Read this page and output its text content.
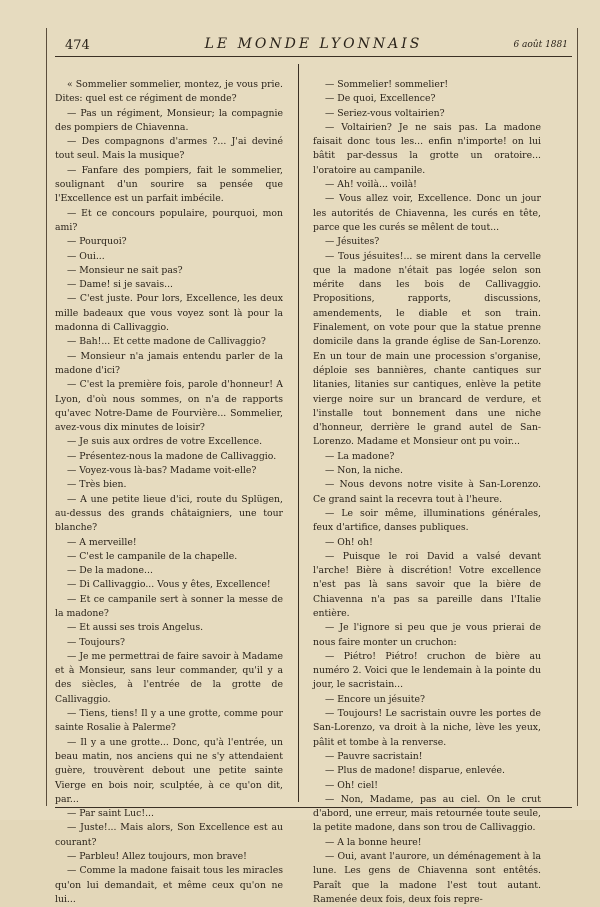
474	LE MONDE LYONNAIS	6 août 1881

« Sommelier sommelier, montez, je vous prie. Dites: quel est ce régiment de monde?

— Pas un régiment, Monsieur; la compagnie des pompiers de Chiavenna.

— Des compagnons d'armes ?... J'ai deviné tout seul. Mais la musique?

— Fanfare des pompiers, fait le sommelier, soulignant d'un sourire sa pensée que l'Excellence est un parfait imbécile.

— Et ce concours populaire, pourquoi, mon ami?

— Pourquoi?

— Oui...

— Monsieur ne sait pas?

— Dame! si je savais...

— C'est juste. Pour lors, Excellence, les deux mille badeaux que vous voyez sont là pour la madonna di Callivaggio.

— Bah!... Et cette madone de Callivaggio?

— Monsieur n'a jamais entendu parler de la madone d'ici?

— C'est la première fois, parole d'honneur! A Lyon, d'où nous sommes, on n'a de rapports qu'avec Notre-Dame de Fourvière... Sommelier, avez-vous dix minutes de loisir?

— Je suis aux ordres de votre Excellence.

— Présentez-nous la madone de Callivaggio.

— Voyez-vous là-bas? Madame voit-elle?

— Très bien.

— A une petite lieue d'ici, route du Splügen, au-dessus des grands châtaigniers, une tour blanche?

— A merveille!

— C'est le campanile de la chapelle.

— De la madone...

— Di Callivaggio... Vous y êtes, Excellence!

— Et ce campanile sert à sonner la messe de la madone?

— Et aussi ses trois Angelus.

— Toujours?

— Je me permettrai de faire savoir à Madame et à Monsieur, sans leur commander, qu'il y a des siècles, à l'entrée de la grotte de Callivaggio.

— Tiens, tiens! Il y a une grotte, comme pour sainte Rosalie à Palerme?

— Il y a une grotte... Donc, qu'à l'entrée, un beau matin, nos anciens qui ne s'y attendaient guère, trouvèrent debout une petite sainte Vierge en bois noir, sculptée, à ce qu'on dit, par...

— Par saint Luc!...

— Juste!... Mais alors, Son Excellence est au courant?

— Parbleu! Allez toujours, mon brave!

— Comme la madone faisait tous les miracles qu'on lui demandait, et même ceux qu'on ne lui...

— Sommelier! sommelier!

— De quoi, Excellence?

— Seriez-vous voltairien?

— Voltairien? Je ne sais pas. La madone faisait donc tous les... enfin n'importe! on lui bâtit par-dessus la grotte un oratoire... l'oratoire au campanile.

— Ah! voilà... voilà!

— Vous allez voir, Excellence. Donc un jour les autorités de Chiavenna, les curés en tête, parce que les curés se mêlent de tout...

— Jésuites?

— Tous jésuites!... se mirent dans la cervelle que la madone n'était pas logée selon son mérite dans les bois de Callivaggio. Propositions, rapports, discussions, amendements, le diable et son train. Finalement, on vote pour que la statue prenne domicile dans la grande église de San-Lorenzo. En un tour de main une procession s'organise, déploie ses bannières, chante cantiques sur litanies, litanies sur cantiques, enlève la petite vierge noire sur un brancard de verdure, et l'installe tout bonnement dans une niche d'honneur, derrière le grand autel de San-Lorenzo. Madame et Monsieur ont pu voir...

— La madone?

— Non, la niche.

— Nous devons notre visite à San-Lorenzo. Ce grand saint la recevra tout à l'heure.

— Le soir même, illuminations générales, feux d'artifice, danses publiques.

— Oh! oh!

— Puisque le roi David a valsé devant l'arche! Bière à discrétion! Votre excellence n'est pas là sans savoir que la bière de Chiavenna n'a pas sa pareille dans l'Italie entière.

— Je l'ignore si peu que je vous prierai de nous faire monter un cruchon:

— Piétro! Piétro! cruchon de bière au numéro 2. Voici que le lendemain à la pointe du jour, le sacristain...

— Encore un jésuite?

— Toujours! Le sacristain ouvre les portes de San-Lorenzo, va droit à la niche, lève les yeux, pâlit et tombe à la renverse.

— Pauvre sacristain!

— Plus de madone! disparue, enlevée.

— Oh! ciel!

— Non, Madame, pas au ciel. On le crut d'abord, une erreur, mais retournée toute seule, la petite madone, dans son trou de Callivaggio.

— A la bonne heure!

— Oui, avant l'aurore, un déménagement à la lune. Les gens de Chiavenna sont entêtés. Paraît que la madone l'est tout autant. Ramenée deux fois, deux fois repre-
